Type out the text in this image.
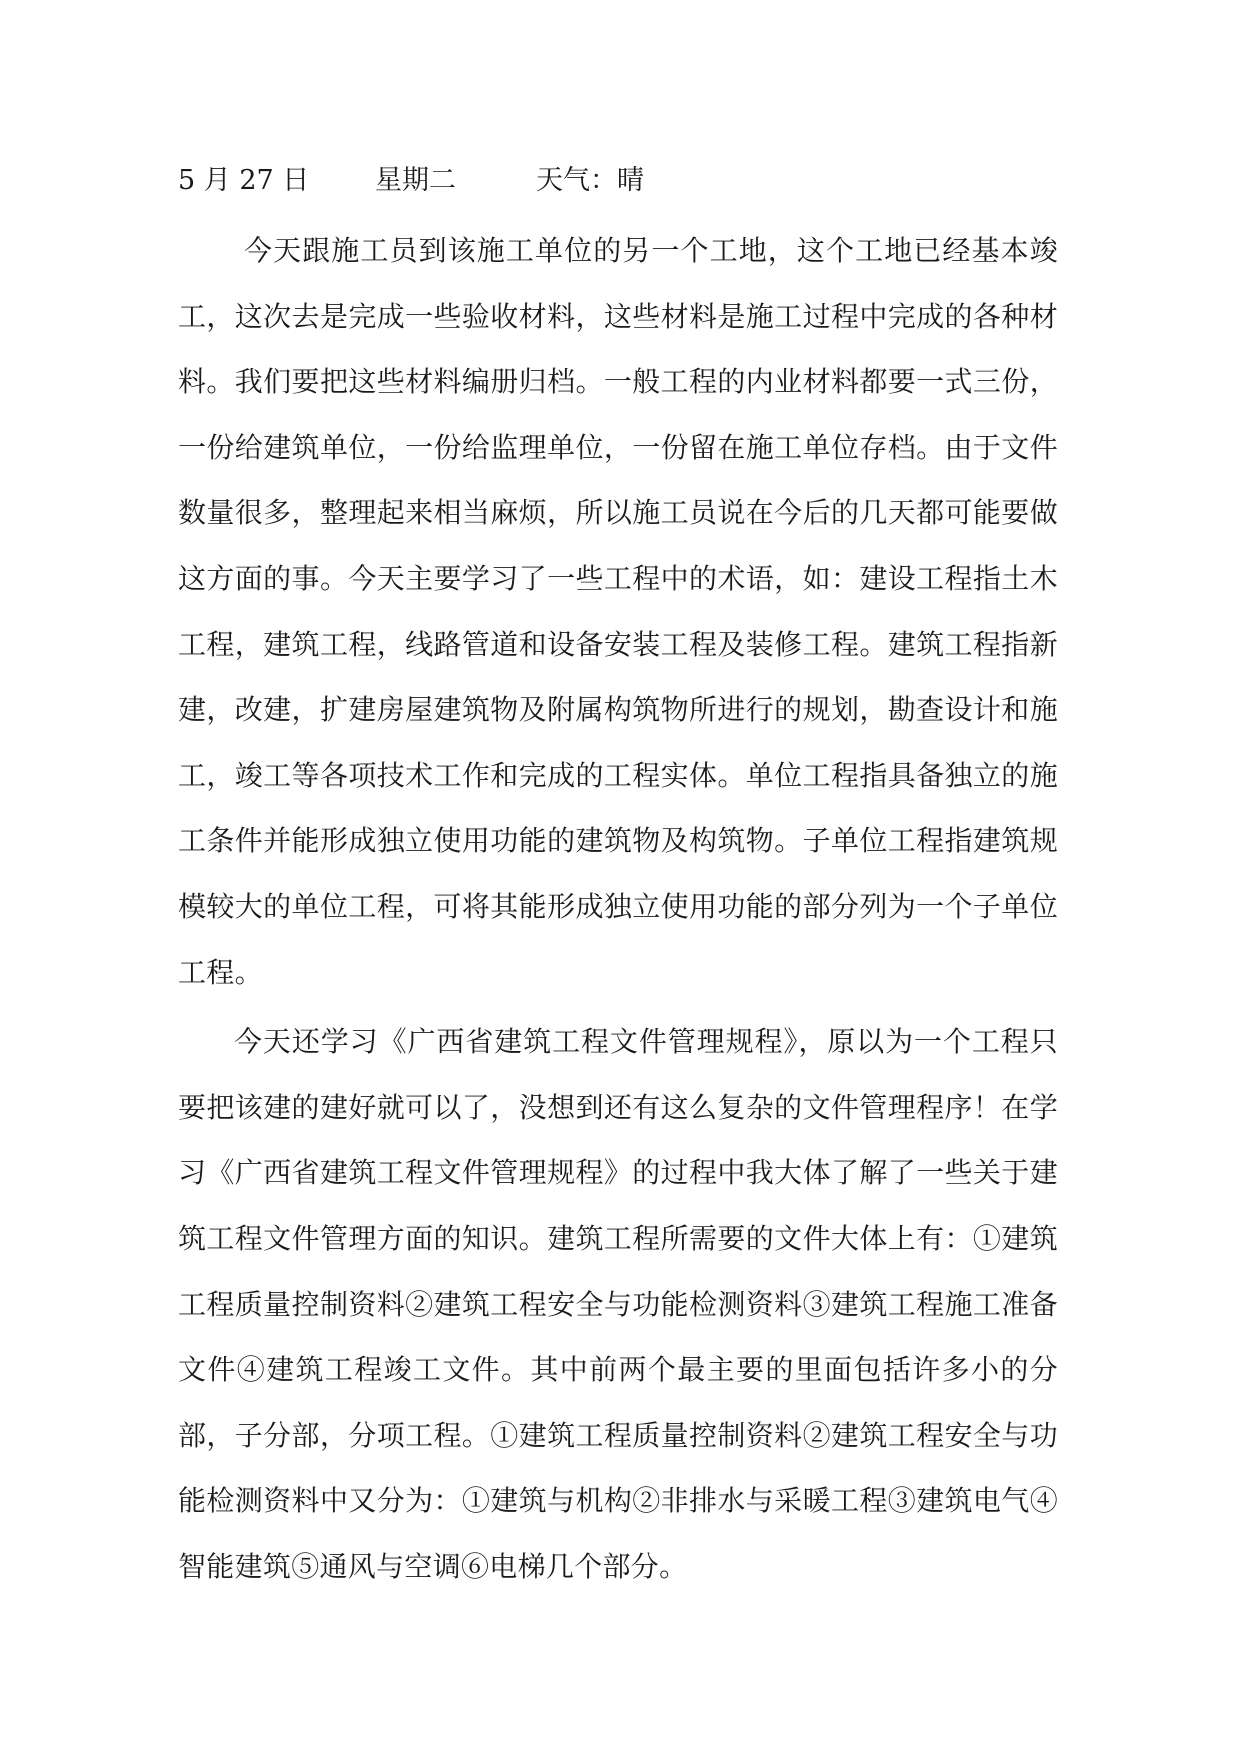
5 月 27 日 星期二	天气：晴

今天跟施工员到该施工单位的另一个工地，这个工地已经基本竣工，这次去是完成一些验收材料，这些材料是施工过程中完成的各种材料。我们要把这些材料编册归档。一般工程的内业材料都要一式三份，一份给建筑单位，一份给监理单位，一份留在施工单位存档。由于文件数量很多，整理起来相当麻烦，所以施工员说在今后的几天都可能要做这方面的事。今天主要学习了一些工程中的术语，如：建设工程指土木工程，建筑工程，线路管道和设备安装工程及装修工程。建筑工程指新建，改建，扩建房屋建筑物及附属构筑物所进行的规划，勘查设计和施工，竣工等各项技术工作和完成的工程实体。单位工程指具备独立的施工条件并能形成独立使用功能的建筑物及构筑物。子单位工程指建筑规模较大的单位工程，可将其能形成独立使用功能的部分列为一个子单位工程。

今天还学习《广西省建筑工程文件管理规程》，原以为一个工程只要把该建的建好就可以了，没想到还有这么复杂的文件管理程序！在学习《广西省建筑工程文件管理规程》的过程中我大体了解了一些关于建筑工程文件管理方面的知识。建筑工程所需要的文件大体上有：①建筑工程质量控制资料②建筑工程安全与功能检测资料③建筑工程施工准备文件④建筑工程竣工文件。其中前两个最主要的里面包括许多小的分部，子分部，分项工程。①建筑工程质量控制资料②建筑工程安全与功能检测资料中又分为：①建筑与机构②非排水与采暖工程③建筑电气④智能建筑⑤通风与空调⑥电梯几个部分。
